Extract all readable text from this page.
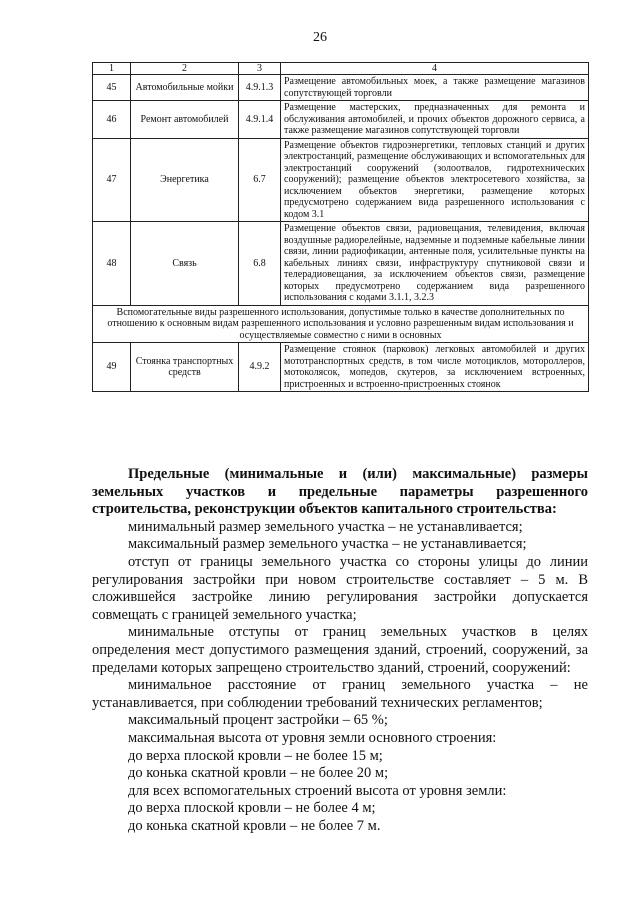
26
1	2	3	4
45	Автомобильные мойки	4.9.1.3	Размещение автомобильных моек, а также размещение магазинов сопутствующей торговли
46	Ремонт автомобилей	4.9.1.4	Размещение мастерских, предназначенных для ремонта и обслуживания автомобилей, и прочих объектов дорожного сервиса, а также размещение магазинов сопутствующей торговли
47	Энергетика	6.7	Размещение объектов гидроэнергетики, тепловых станций и других электростанций, размещение обслуживающих и вспомогательных для электростанций сооружений (золоотвалов, гидротехнических сооружений); размещение объектов электросетевого хозяйства, за исключением объектов энергетики, размещение которых предусмотрено содержанием вида разрешенного использования с кодом 3.1
48	Связь	6.8	Размещение объектов связи, радиовещания, телевидения, включая воздушные радиорелейные, надземные и подземные кабельные линии связи, линии радиофикации, антенные поля, усилительные пункты на кабельных линиях связи, инфраструктуру спутниковой связи и телерадиовещания, за исключением объектов связи, размещение которых предусмотрено содержанием вида разрешенного использования с кодами 3.1.1, 3.2.3
Вспомогательные виды разрешенного использования, допустимые только в качестве дополнительных по отношению к основным видам разрешенного использования и условно разрешенным видам использования и осуществляемые совместно с ними в основных			
49	Стоянка транспортных средств	4.9.2	Размещение стоянок (парковок) легковых автомобилей и других мототранспортных средств, в том числе мотоциклов, мотороллеров, мотоколясок, мопедов, скутеров, за исключением встроенных, пристроенных и встроенно-пристроенных стоянок

Предельные (минимальные и (или) максимальные) размеры земельных участков и предельные параметры разрешенного строительства, реконструкции объектов капитального строительства:

минимальный размер земельного участка – не устанавливается;

максимальный размер земельного участка – не устанавливается;

отступ от границы земельного участка со стороны улицы до линии регулирования застройки при новом строительстве составляет – 5 м. В сложившейся застройке линию регулирования застройки допускается совмещать с границей земельного участка;

минимальные отступы от границ земельных участков в целях определения мест допустимого размещения зданий, строений, сооружений, за пределами которых запрещено строительство зданий, строений, сооружений:

минимальное расстояние от границ земельного участка – не устанавливается, при соблюдении требований технических регламентов;

максимальный процент застройки – 65 %;

максимальная высота от уровня земли основного строения:

до верха плоской кровли – не более 15 м;

до конька скатной кровли – не более 20 м;

для всех вспомогательных строений высота от уровня земли:

до верха плоской кровли – не более 4 м;

до конька скатной кровли – не более 7 м.
